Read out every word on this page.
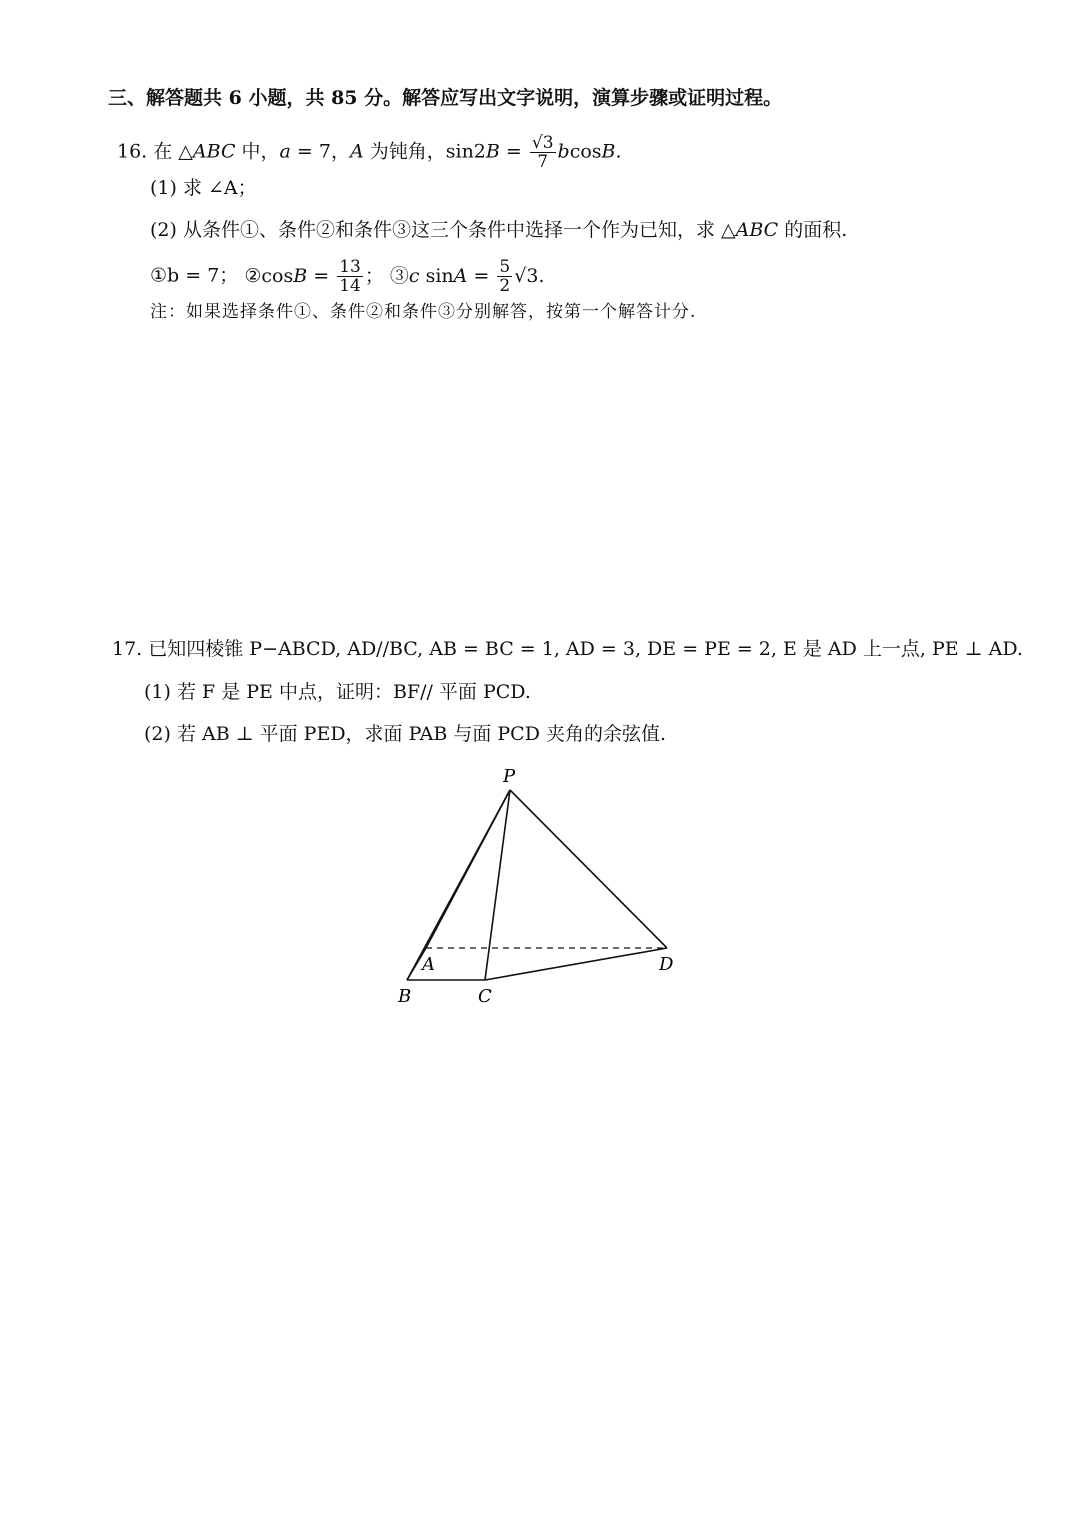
三、解答题共 6 小题，共 85 分。解答应写出文字说明，演算步骤或证明过程。
16. 在 △ABC 中，a = 7，A 为钝角，$\sin 2B = \frac{√3}{7} bcosB$.
(1) 求 ∠A；
(2) 从条件①、条件②和条件③这三个条件中选择一个作为已知，求 △ABC 的面积.
①b = 7； ②cosB = $\frac{13}{14}$ ； ③c $\sin A = \frac{5}{2} √3$.
注：如果选择条件①、条件②和条件③分别解答，按第一个解答计分.
17. 已知四棱锥 P−ABCD, AD//BC, AB = BC = 1, AD = 3, DE = PE = 2, E 是 AD 上一点, PE ⊥ AD.
(1) 若 F 是 PE 中点，证明：BF// 平面 PCD.
(2) 若 AB ⊥ 平面 PED，求面 PAB 与面 PCD 夹角的余弦值.
P
A
B	C
D
